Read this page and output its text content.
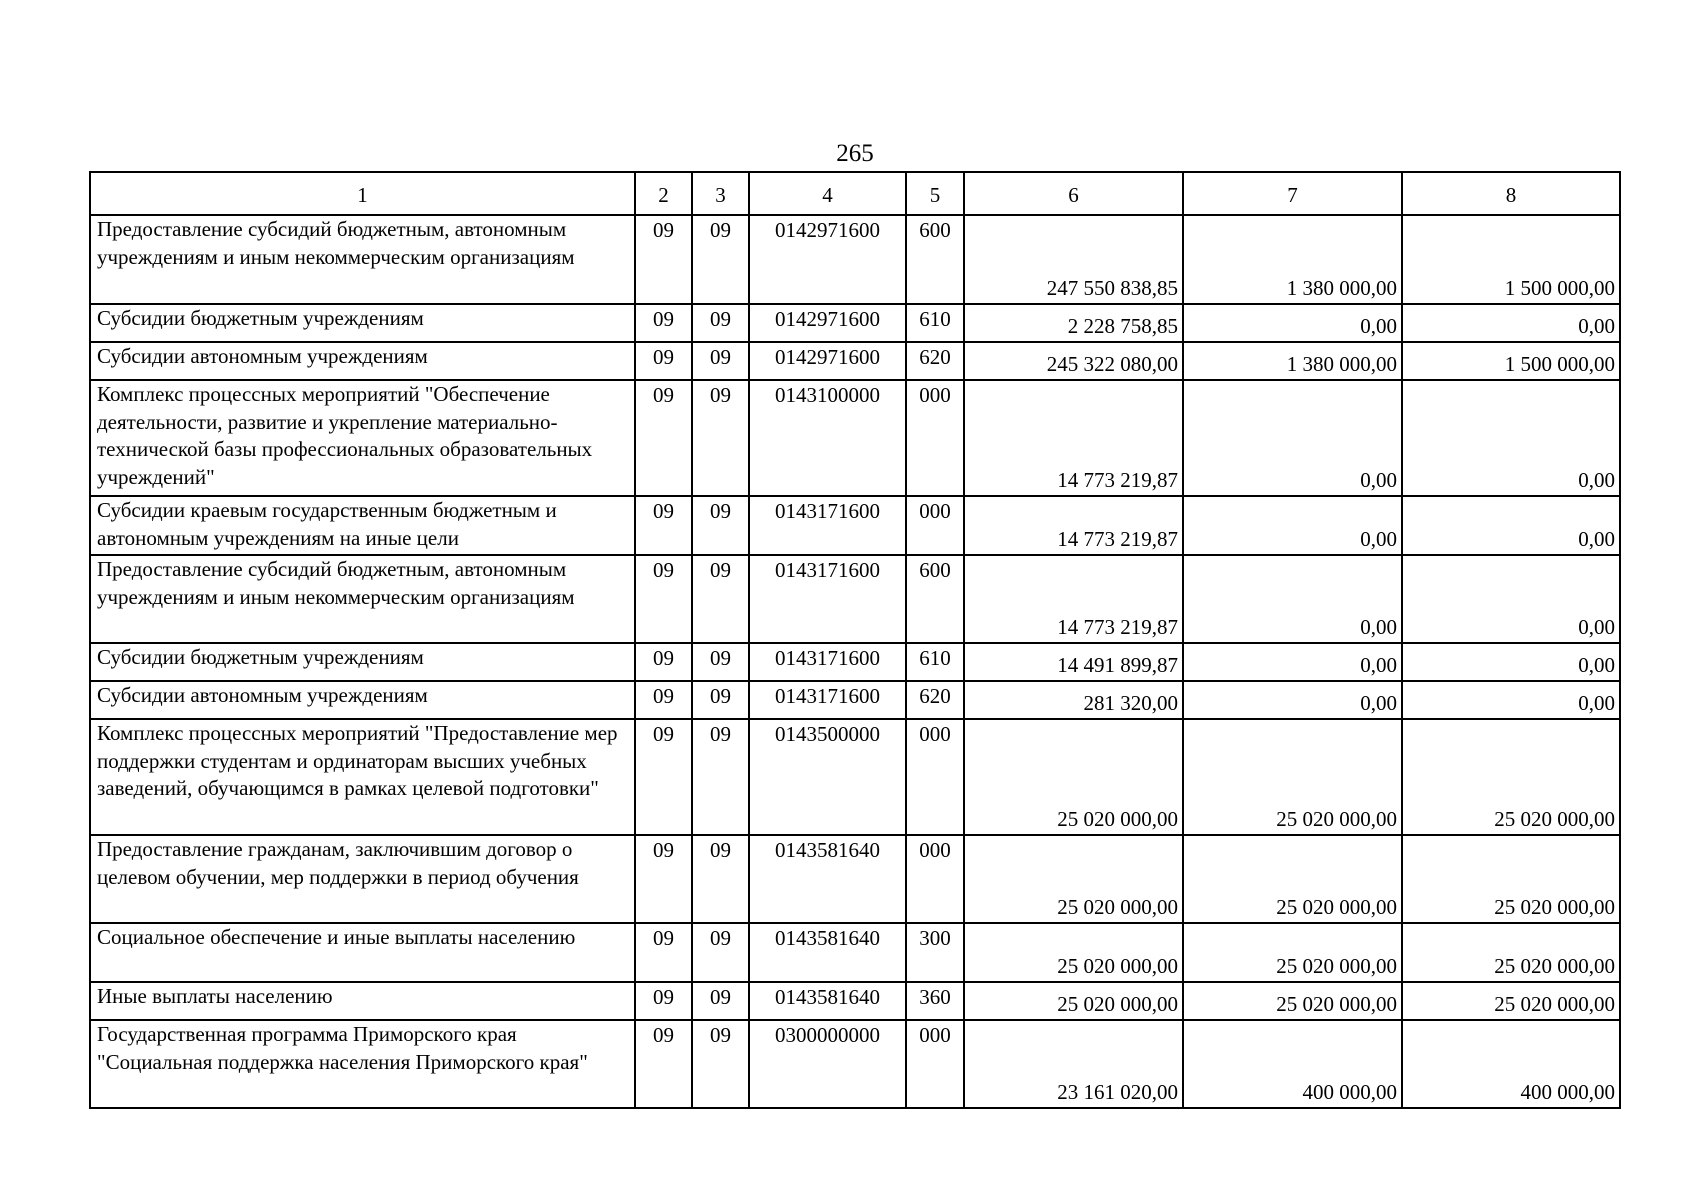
265
1	2	3	4	5	6	7	8
Предоставление субсидий бюджетным, автономным учреждениям и иным некоммерческим организациям	09	09	0142971600	600	247 550 838,85	1 380 000,00	1 500 000,00
Субсидии бюджетным учреждениям	09	09	0142971600	610	2 228 758,85	0,00	0,00
Субсидии автономным учреждениям	09	09	0142971600	620	245 322 080,00	1 380 000,00	1 500 000,00
Комплекс процессных мероприятий "Обеспечение деятельности, развитие и укрепление материально-технической базы профессиональных образовательных учреждений"	09	09	0143100000	000	14 773 219,87	0,00	0,00
Субсидии краевым государственным бюджетным и автономным учреждениям на иные цели	09	09	0143171600	000	14 773 219,87	0,00	0,00
Предоставление субсидий бюджетным, автономным учреждениям и иным некоммерческим организациям	09	09	0143171600	600	14 773 219,87	0,00	0,00
Субсидии бюджетным учреждениям	09	09	0143171600	610	14 491 899,87	0,00	0,00
Субсидии автономным учреждениям	09	09	0143171600	620	281 320,00	0,00	0,00
Комплекс процессных мероприятий "Предоставление мер поддержки студентам и ординаторам высших учебных заведений, обучающимся в рамках целевой подготовки"	09	09	0143500000	000	25 020 000,00	25 020 000,00	25 020 000,00
Предоставление гражданам, заключившим договор о целевом обучении, мер поддержки в период обучения	09	09	0143581640	000	25 020 000,00	25 020 000,00	25 020 000,00
Социальное обеспечение и иные выплаты населению	09	09	0143581640	300	25 020 000,00	25 020 000,00	25 020 000,00
Иные выплаты населению	09	09	0143581640	360	25 020 000,00	25 020 000,00	25 020 000,00
Государственная программа Приморского края "Социальная поддержка населения Приморского края"	09	09	0300000000	000	23 161 020,00	400 000,00	400 000,00
